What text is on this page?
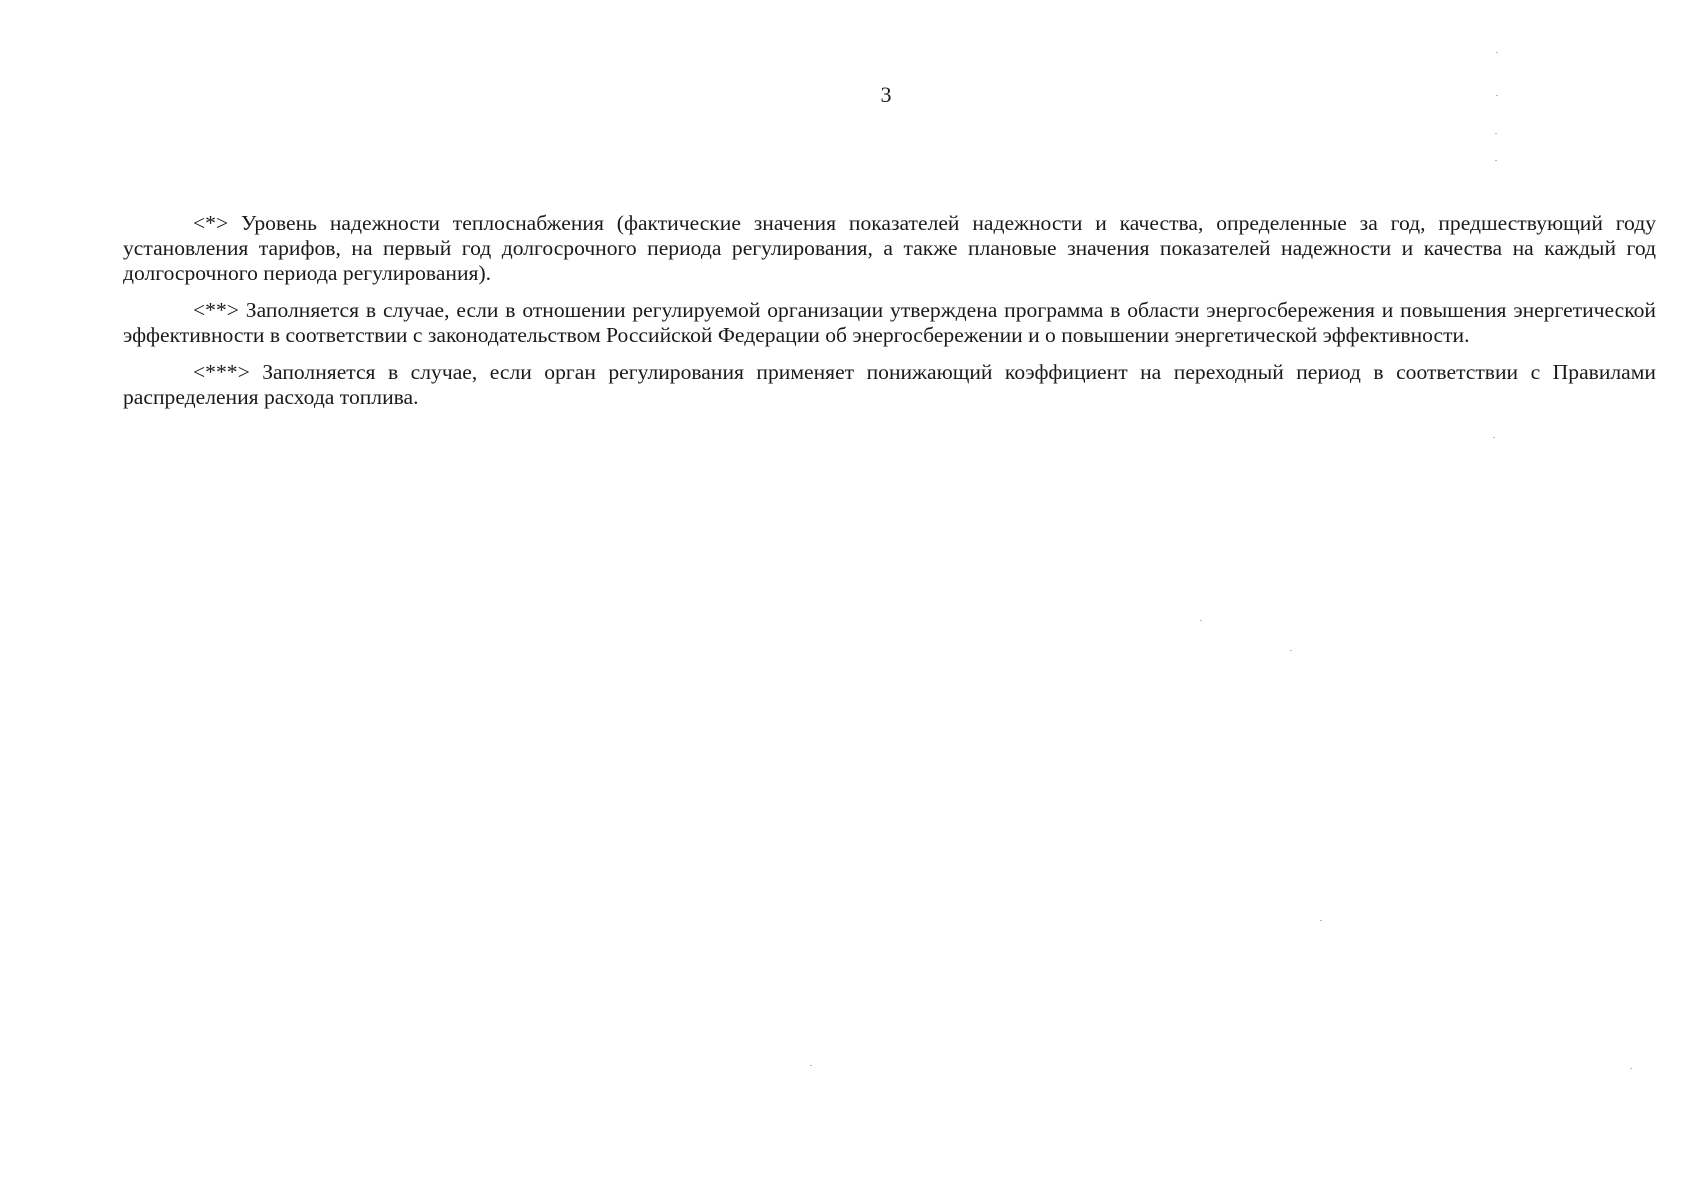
3

<*> Уровень надежности теплоснабжения (фактические значения показателей надежности и качества, определенные за год, предшествующий году установления тарифов, на первый год долгосрочного периода регулирования, а также плановые значения показателей надежности и качества на каждый год долгосрочного периода регулирования).

<**> Заполняется в случае, если в отношении регулируемой организации утверждена программа в области энергосбережения и повышения энергетической эффективности в соответствии с законодательством Российской Федерации об энергосбережении и о повышении энергетической эффективности.

<***> Заполняется в случае, если орган регулирования применяет понижающий коэффициент на переходный период в соответствии с Правилами распределения расхода топлива.
